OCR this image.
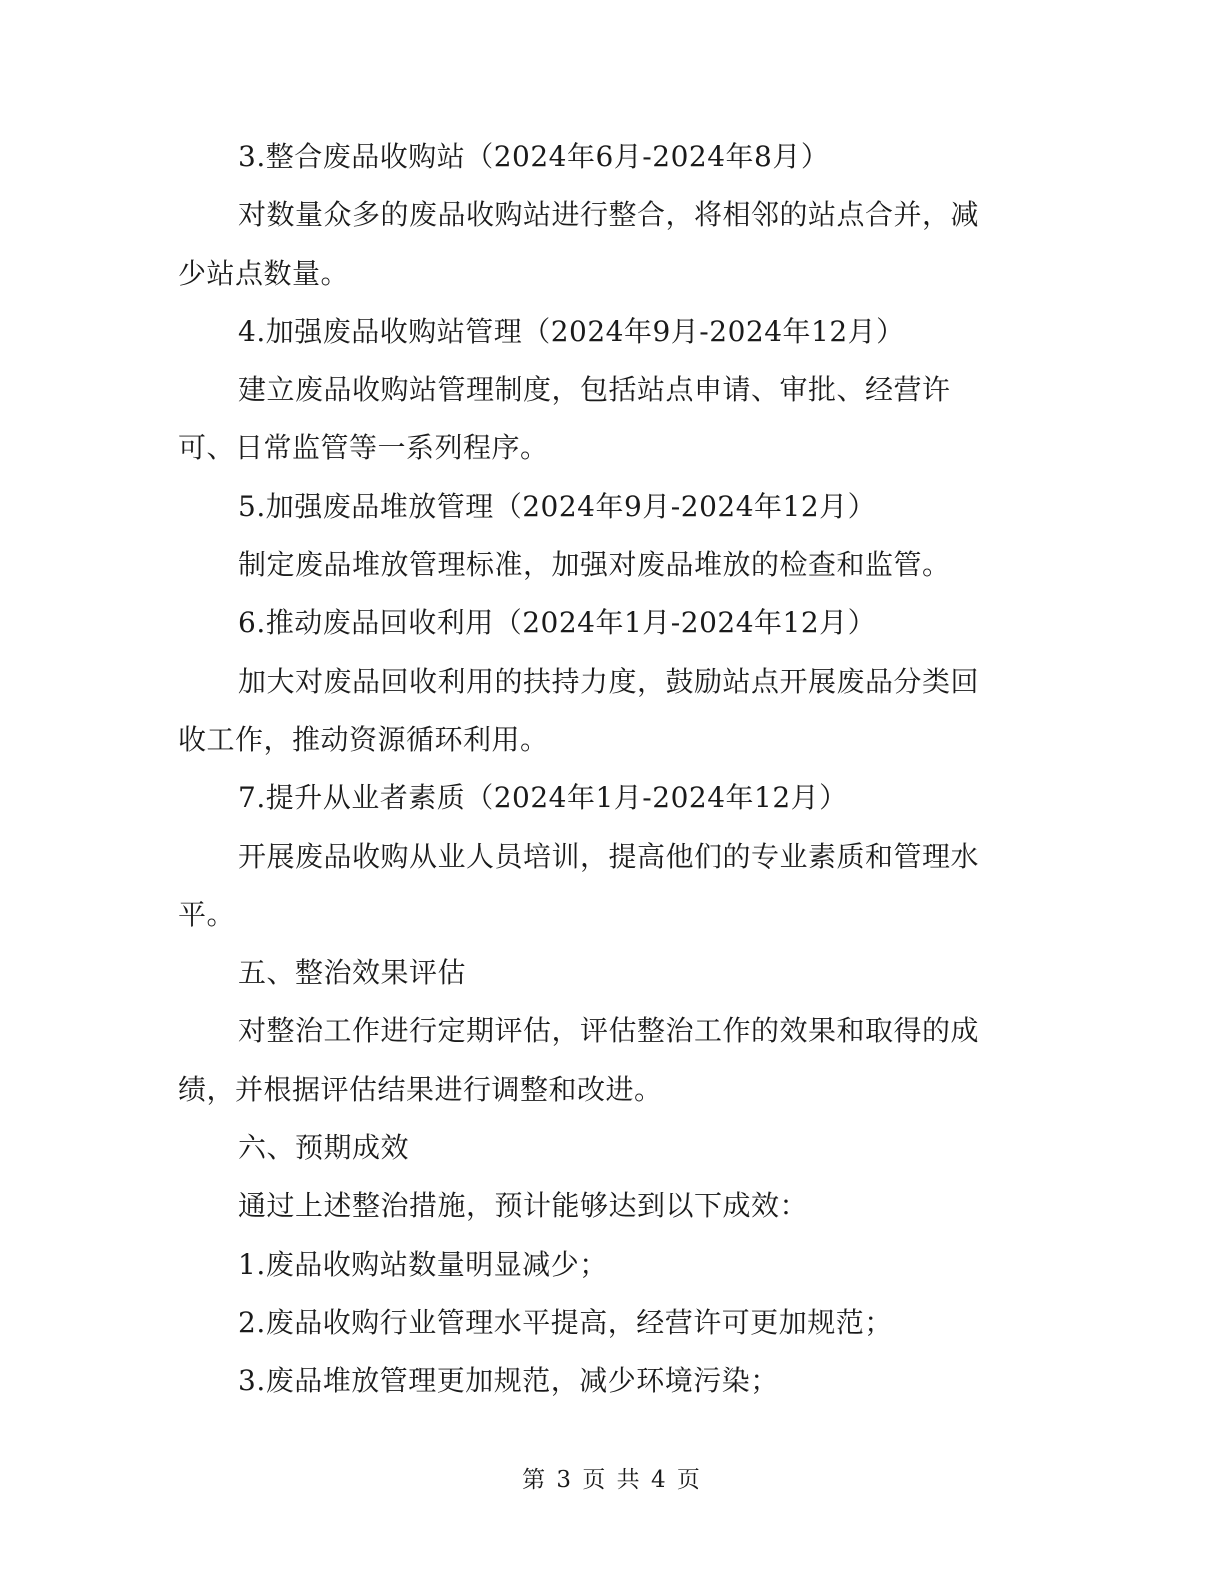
3.整合废品收购站（2024年6月-2024年8月）
对数量众多的废品收购站进行整合，将相邻的站点合并，减
少站点数量。
4.加强废品收购站管理（2024年9月-2024年12月）
建立废品收购站管理制度，包括站点申请、审批、经营许
可、日常监管等一系列程序。
5.加强废品堆放管理（2024年9月-2024年12月）
制定废品堆放管理标准，加强对废品堆放的检查和监管。
6.推动废品回收利用（2024年1月-2024年12月）
加大对废品回收利用的扶持力度，鼓励站点开展废品分类回
收工作，推动资源循环利用。
7.提升从业者素质（2024年1月-2024年12月）
开展废品收购从业人员培训，提高他们的专业素质和管理水
平。
五、整治效果评估
对整治工作进行定期评估，评估整治工作的效果和取得的成
绩，并根据评估结果进行调整和改进。
六、预期成效
通过上述整治措施，预计能够达到以下成效：
1.废品收购站数量明显减少；
2.废品收购行业管理水平提高，经营许可更加规范；
3.废品堆放管理更加规范，减少环境污染；
第 3 页 共 4 页
